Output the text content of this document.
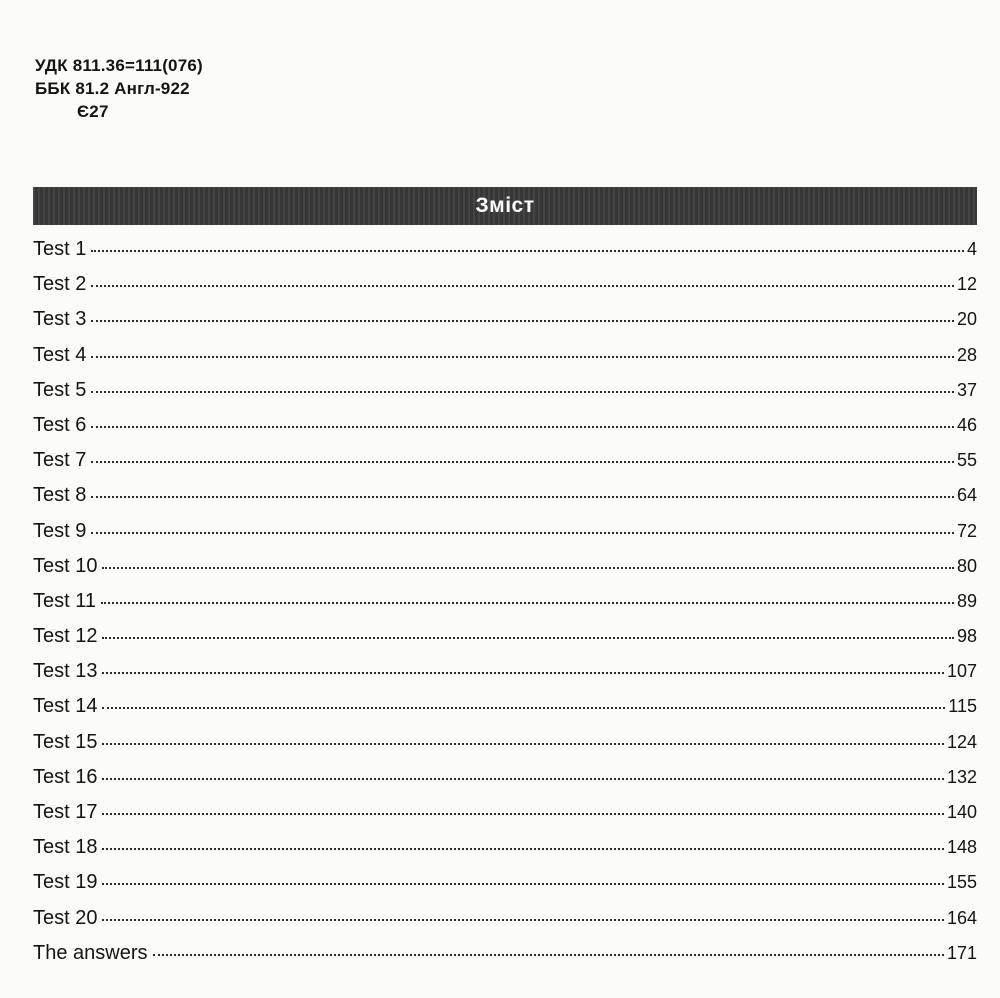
УДК 811.36=111(076)
ББК 81.2 Англ-922
Є27
Зміст
Test 1	4
Test 2	12
Test 3	20
Test 4	28
Test 5	37
Test 6	46
Test 7	55
Test 8	64
Test 9	72
Test 10	80
Test 11	89
Test 12	98
Test 13	107
Test 14	115
Test 15	124
Test 16	132
Test 17	140
Test 18	148
Test 19	155
Test 20	164
The answers	171
